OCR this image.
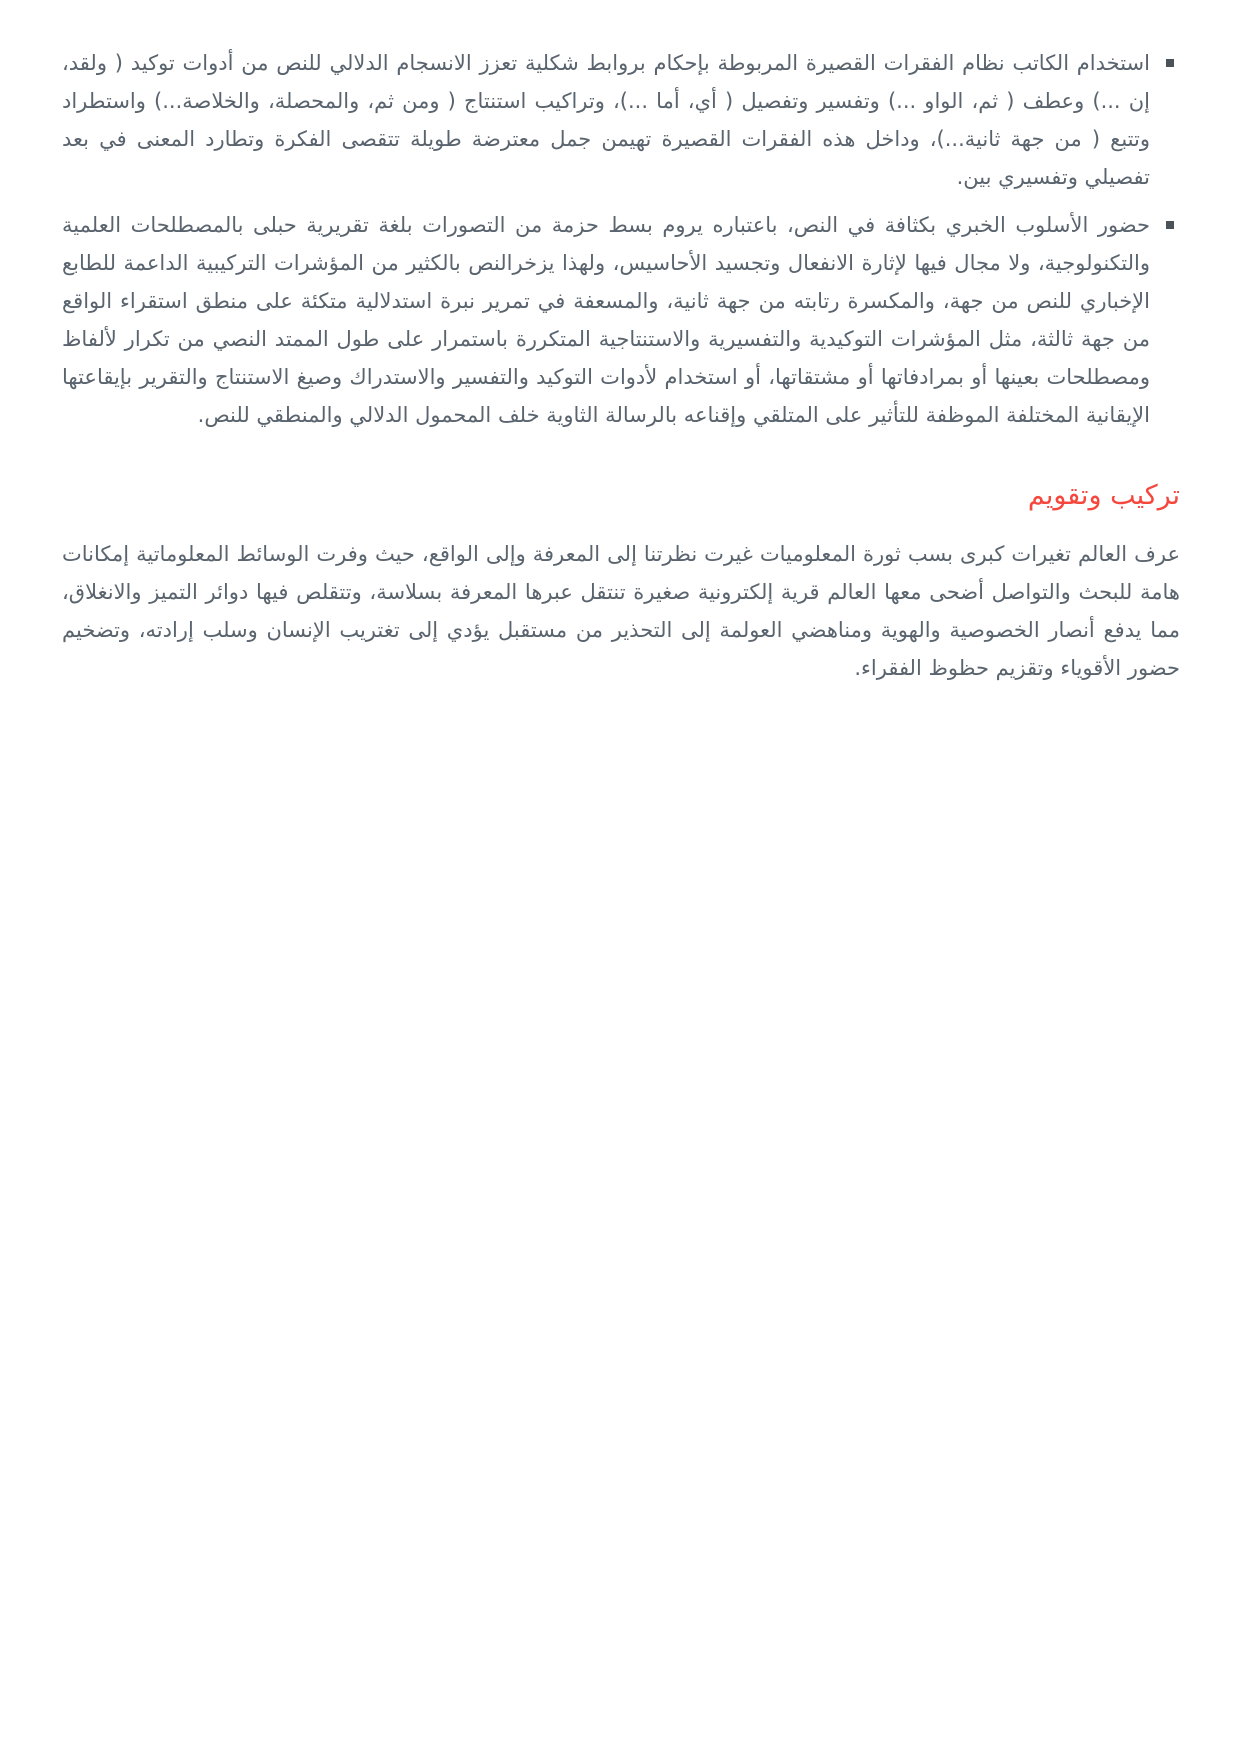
استخدام الكاتب نظام الفقرات القصيرة المربوطة بإحكام بروابط شكلية تعزز الانسجام الدلالي للنص من أدوات توكيد ( ولقد، إن ...) وعطف ( ثم، الواو ...) وتفسير وتفصيل ( أي، أما ...)، وتراكيب استنتاج ( ومن ثم، والمحصلة، والخلاصة...) واستطراد وتتبع ( من جهة ثانية...)، وداخل هذه الفقرات القصيرة تهيمن جمل معترضة طويلة تتقصى الفكرة وتطارد المعنى في بعد تفصيلي وتفسيري بين.
حضور الأسلوب الخبري بكثافة في النص، باعتباره يروم بسط حزمة من التصورات بلغة تقريرية حبلى بالمصطلحات العلمية والتكنولوجية، ولا مجال فيها لإثارة الانفعال وتجسيد الأحاسيس، ولهذا يزخرالنص بالكثير من المؤشرات التركيبية الداعمة للطابع الإخباري للنص من جهة، والمكسرة رتابته من جهة ثانية، والمسعفة في تمرير نبرة استدلالية متكئة على منطق استقراء الواقع من جهة ثالثة، مثل المؤشرات التوكيدية والتفسيرية والاستنتاجية المتكررة باستمرار على طول الممتد النصي من تكرار لألفاظ ومصطلحات بعينها أو بمرادفاتها أو مشتقاتها، أو استخدام لأدوات التوكيد والتفسير والاستدراك وصيغ الاستنتاج والتقرير بإيقاعتها الإيقانية المختلفة الموظفة للتأثير على المتلقي وإقناعه بالرسالة الثاوية خلف المحمول الدلالي والمنطقي للنص.
تركيب وتقويم

عرف العالم تغيرات كبرى بسب ثورة المعلوميات غيرت نظرتنا إلى المعرفة وإلى الواقع، حيث وفرت الوسائط المعلوماتية إمكانات هامة للبحث والتواصل أضحى معها العالم قرية إلكترونية صغيرة تنتقل عبرها المعرفة بسلاسة، وتتقلص فيها دوائر التميز والانغلاق، مما يدفع أنصار الخصوصية والهوية ومناهضي العولمة إلى التحذير من مستقبل يؤدي إلى تغتريب الإنسان وسلب إرادته، وتضخيم حضور الأقوياء وتقزيم حظوظ الفقراء.
